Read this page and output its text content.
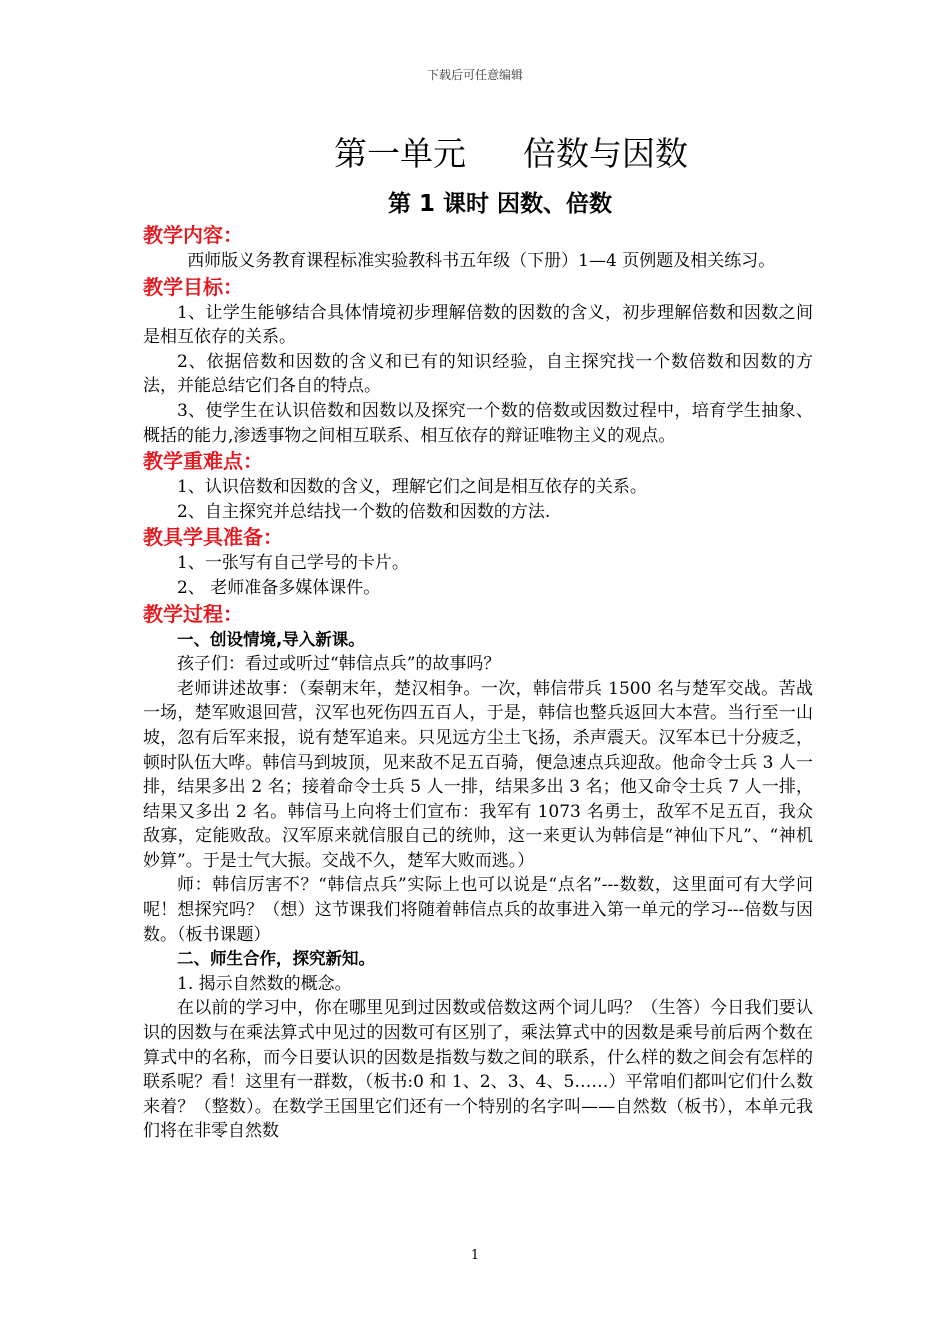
下载后可任意编辑
第一单元  倍数与因数
第 1 课时 因数、倍数
教学内容：

西师版义务教育课程标准实验教科书五年级（下册）1—4 页例题及相关练习。

教学目标：

1、让学生能够结合具体情境初步理解倍数的因数的含义，初步理解倍数和因数之间是相互依存的关系。

2、依据倍数和因数的含义和已有的知识经验，自主探究找一个数倍数和因数的方法，并能总结它们各自的特点。

3、使学生在认识倍数和因数以及探究一个数的倍数或因数过程中，培育学生抽象、概括的能力,渗透事物之间相互联系、相互依存的辩证唯物主义的观点。

教学重难点：

1、认识倍数和因数的含义，理解它们之间是相互依存的关系。

2、自主探究并总结找一个数的倍数和因数的方法.

教具学具准备：

1、一张写有自己学号的卡片。

2、 老师准备多媒体课件。

教学过程：

一、创设情境,导入新课。

孩子们：看过或听过“韩信点兵”的故事吗？

老师讲述故事：（秦朝末年，楚汉相争。一次，韩信带兵 1500 名与楚军交战。苦战一场，楚军败退回营，汉军也死伤四五百人，于是，韩信也整兵返回大本营。当行至一山坡，忽有后军来报，说有楚军追来。只见远方尘土飞扬，杀声震天。汉军本已十分疲乏，顿时队伍大哗。韩信马到坡顶，见来敌不足五百骑，便急速点兵迎敌。他命令士兵 3 人一排，结果多出 2 名；接着命令士兵 5 人一排，结果多出 3 名；他又命令士兵 7 人一排，结果又多出 2 名。韩信马上向将士们宣布：我军有 1073 名勇士，敌军不足五百，我众敌寡，定能败敌。汉军原来就信服自己的统帅，这一来更认为韩信是“神仙下凡”、“神机妙算”。于是士气大振。交战不久，楚军大败而逃。）

师：韩信厉害不？“韩信点兵”实际上也可以说是“点名”---数数，这里面可有大学问呢！想探究吗？（想）这节课我们将随着韩信点兵的故事进入第一单元的学习---倍数与因数。（板书课题）

二、师生合作，探究新知。

1. 揭示自然数的概念。

在以前的学习中，你在哪里见到过因数或倍数这两个词儿吗？（生答）今日我们要认识的因数与在乘法算式中见过的因数可有区别了，乘法算式中的因数是乘号前后两个数在算式中的名称，而今日要认识的因数是指数与数之间的联系，什么样的数之间会有怎样的联系呢？看！这里有一群数，（板书:0 和 1、2、3、4、5……）平常咱们都叫它们什么数来着？（整数）。在数学王国里它们还有一个特别的名字叫——自然数（板书），本单元我们将在非零自然数

1
